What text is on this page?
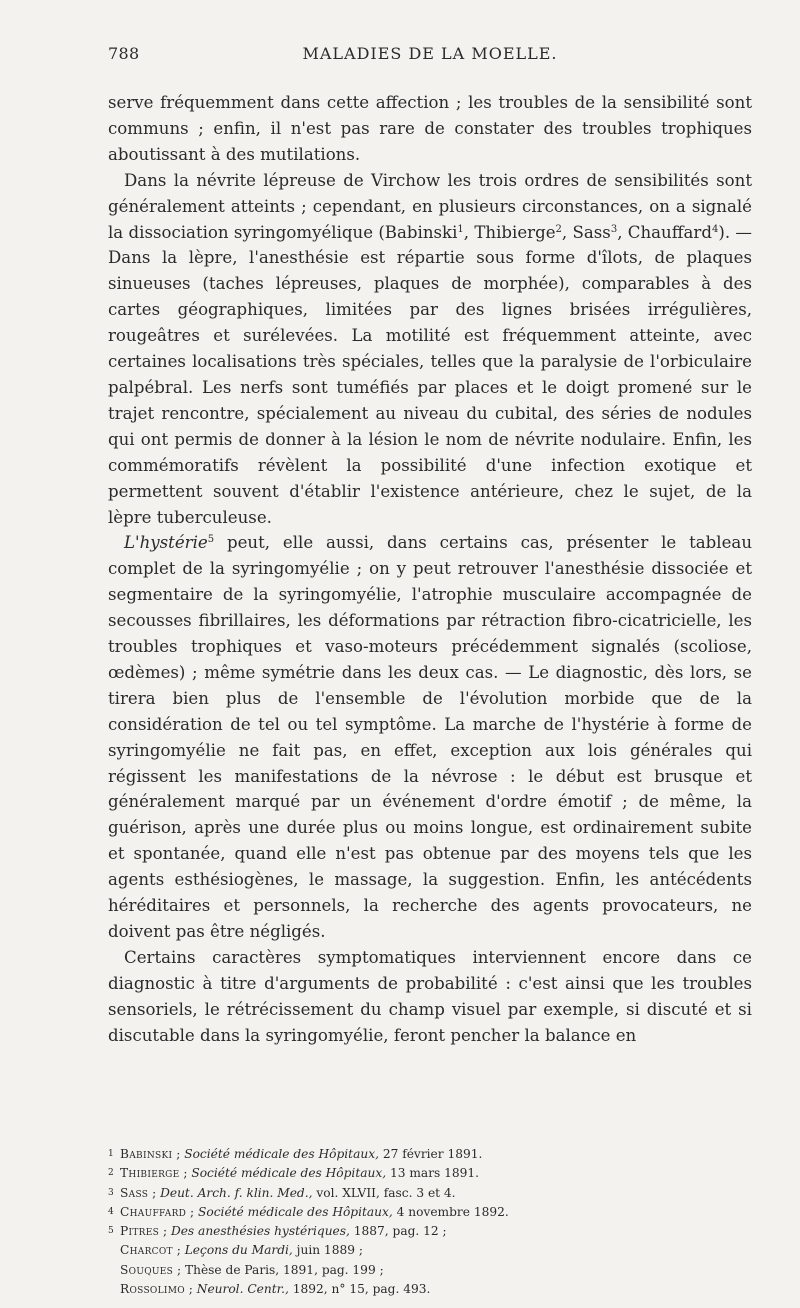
788	MALADIES DE LA MOELLE.

serve fréquemment dans cette affection ; les troubles de la sensibilité sont communs ; enfin, il n'est pas rare de constater des troubles trophiques aboutissant à des mutilations.

Dans la névrite lépreuse de Virchow les trois ordres de sensibilités sont généralement atteints ; cependant, en plusieurs circonstances, on a signalé la dissociation syringomyélique (Babinski$^1$, Thibierge$^2$, Sass$^3$, Chauffard$^4$). — Dans la lèpre, l'anesthésie est répartie sous forme d'îlots, de plaques sinueuses (taches lépreuses, plaques de morphée), comparables à des cartes géographiques, limitées par des lignes brisées irrégulières, rougeâtres et surélevées. La motilité est fréquemment atteinte, avec certaines localisations très spéciales, telles que la paralysie de l'orbiculaire palpébral. Les nerfs sont tuméfiés par places et le doigt promené sur le trajet rencontre, spécialement au niveau du cubital, des séries de nodules qui ont permis de donner à la lésion le nom de névrite nodulaire. Enfin, les commémoratifs révèlent la possibilité d'une infection exotique et permettent souvent d'établir l'existence antérieure, chez le sujet, de la lèpre tuberculeuse.

L'hystérie$^5$ peut, elle aussi, dans certains cas, présenter le tableau complet de la syringomyélie ; on y peut retrouver l'anesthésie dissociée et segmentaire de la syringomyélie, l'atrophie musculaire accompagnée de secousses fibrillaires, les déformations par rétraction fibro-cicatricielle, les troubles trophiques et vaso-moteurs précédemment signalés (scoliose, œdèmes) ; même symétrie dans les deux cas. — Le diagnostic, dès lors, se tirera bien plus de l'ensemble de l'évolution morbide que de la considération de tel ou tel symptôme. La marche de l'hystérie à forme de syringomyélie ne fait pas, en effet, exception aux lois générales qui régissent les manifestations de la névrose : le début est brusque et généralement marqué par un événement d'ordre émotif ; de même, la guérison, après une durée plus ou moins longue, est ordinairement subite et spontanée, quand elle n'est pas obtenue par des moyens tels que les agents esthésiogènes, le massage, la suggestion. Enfin, les antécédents héréditaires et personnels, la recherche des agents provocateurs, ne doivent pas être négligés.

Certains caractères symptomatiques interviennent encore dans ce diagnostic à titre d'arguments de probabilité : c'est ainsi que les troubles sensoriels, le rétrécissement du champ visuel par exemple, si discuté et si discutable dans la syringomyélie, feront pencher la balance en

1 Babinski ; Société médicale des Hôpitaux, 27 février 1891.
2 Thibierge ; Société médicale des Hôpitaux, 13 mars 1891.
3 Sass ; Deut. Arch. f. klin. Med., vol. XLVII, fasc. 3 et 4.
4 Chauffard ; Société médicale des Hôpitaux, 4 novembre 1892.
5 Pitres ; Des anesthésies hystériques, 1887, pag. 12 ;
Charcot ; Leçons du Mardi, juin 1889 ;
Souques ; Thèse de Paris, 1891, pag. 199 ;
Rossolimo ; Neurol. Centr., 1892, n° 15, pag. 493.
